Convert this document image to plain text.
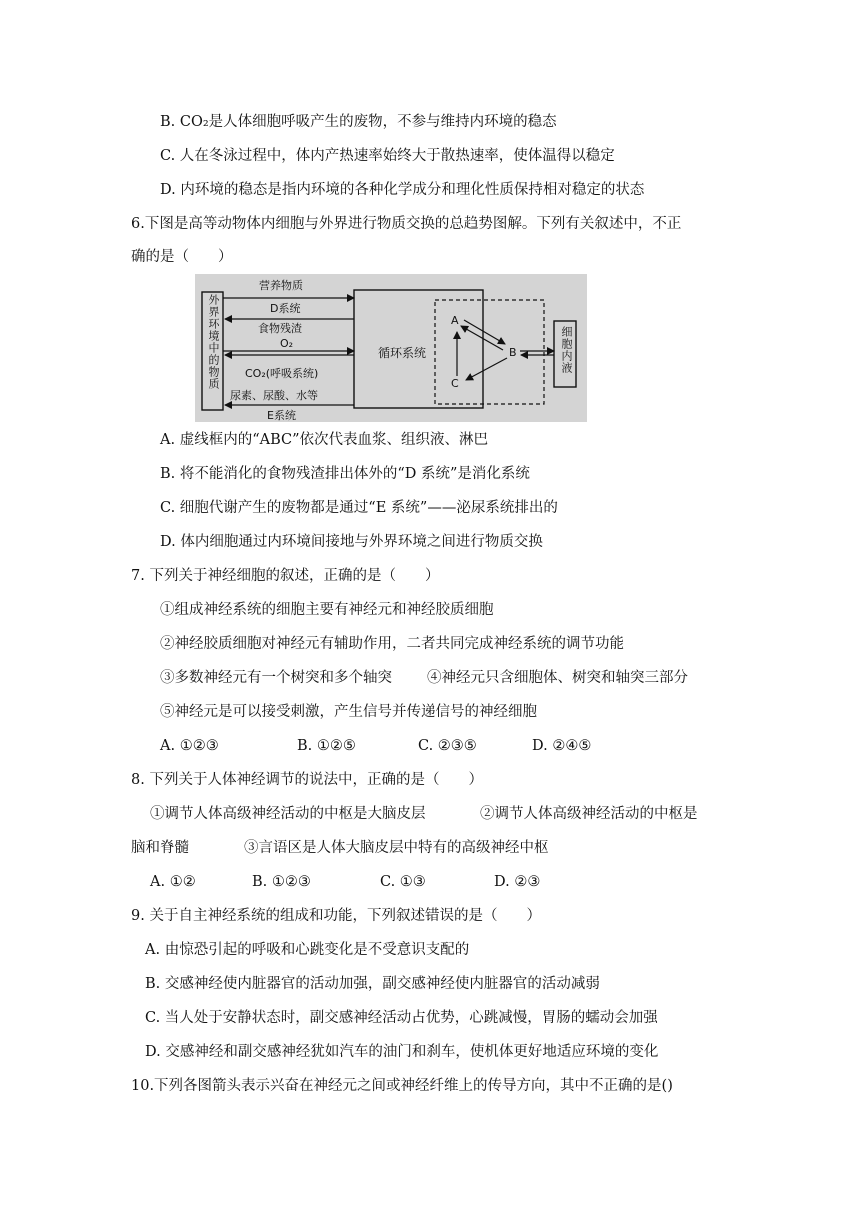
B. CO₂是人体细胞呼吸产生的废物，不参与维持内环境的稳态
C. 人在冬泳过程中，体内产热速率始终大于散热速率，使体温得以稳定
D. 内环境的稳态是指内环境的各种化学成分和理化性质保持相对稳定的状态
6.下图是高等动物体内细胞与外界进行物质交换的总趋势图解。下列有关叙述中，不正
确的是（　　）
外界环境中的物质
营养物质
D系统
食物残渣
O₂
CO₂(呼吸系统)
尿素、尿酸、水等
E系统
循环系统
A
B
C
细胞内液
A. 虚线框内的“ABC”依次代表血浆、组织液、淋巴
B. 将不能消化的食物残渣排出体外的“D 系统”是消化系统
C. 细胞代谢产生的废物都是通过“E 系统”——泌尿系统排出的
D. 体内细胞通过内环境间接地与外界环境之间进行物质交换
7. 下列关于神经细胞的叙述，正确的是（　　）
①组成神经系统的细胞主要有神经元和神经胶质细胞
②神经胶质细胞对神经元有辅助作用，二者共同完成神经系统的调节功能
③多数神经元有一个树突和多个轴突 ④神经元只含细胞体、树突和轴突三部分
⑤神经元是可以接受刺激，产生信号并传递信号的神经细胞
A. ①②③	B. ①②⑤	C. ②③⑤	D. ②④⑤
8. 下列关于人体神经调节的说法中，正确的是（　　）
①调节人体高级神经活动的中枢是大脑皮层	②调节人体高级神经活动的中枢是
脑和脊髓	③言语区是人体大脑皮层中特有的高级神经中枢
A. ①②	B. ①②③	C. ①③	D. ②③
9. 关于自主神经系统的组成和功能，下列叙述错误的是（　　）
A. 由惊恐引起的呼吸和心跳变化是不受意识支配的
B. 交感神经使内脏器官的活动加强，副交感神经使内脏器官的活动减弱
C. 当人处于安静状态时，副交感神经活动占优势，心跳减慢，胃肠的蠕动会加强
D. 交感神经和副交感神经犹如汽车的油门和刹车，使机体更好地适应环境的变化
10.下列各图箭头表示兴奋在神经元之间或神经纤维上的传导方向，其中不正确的是()
